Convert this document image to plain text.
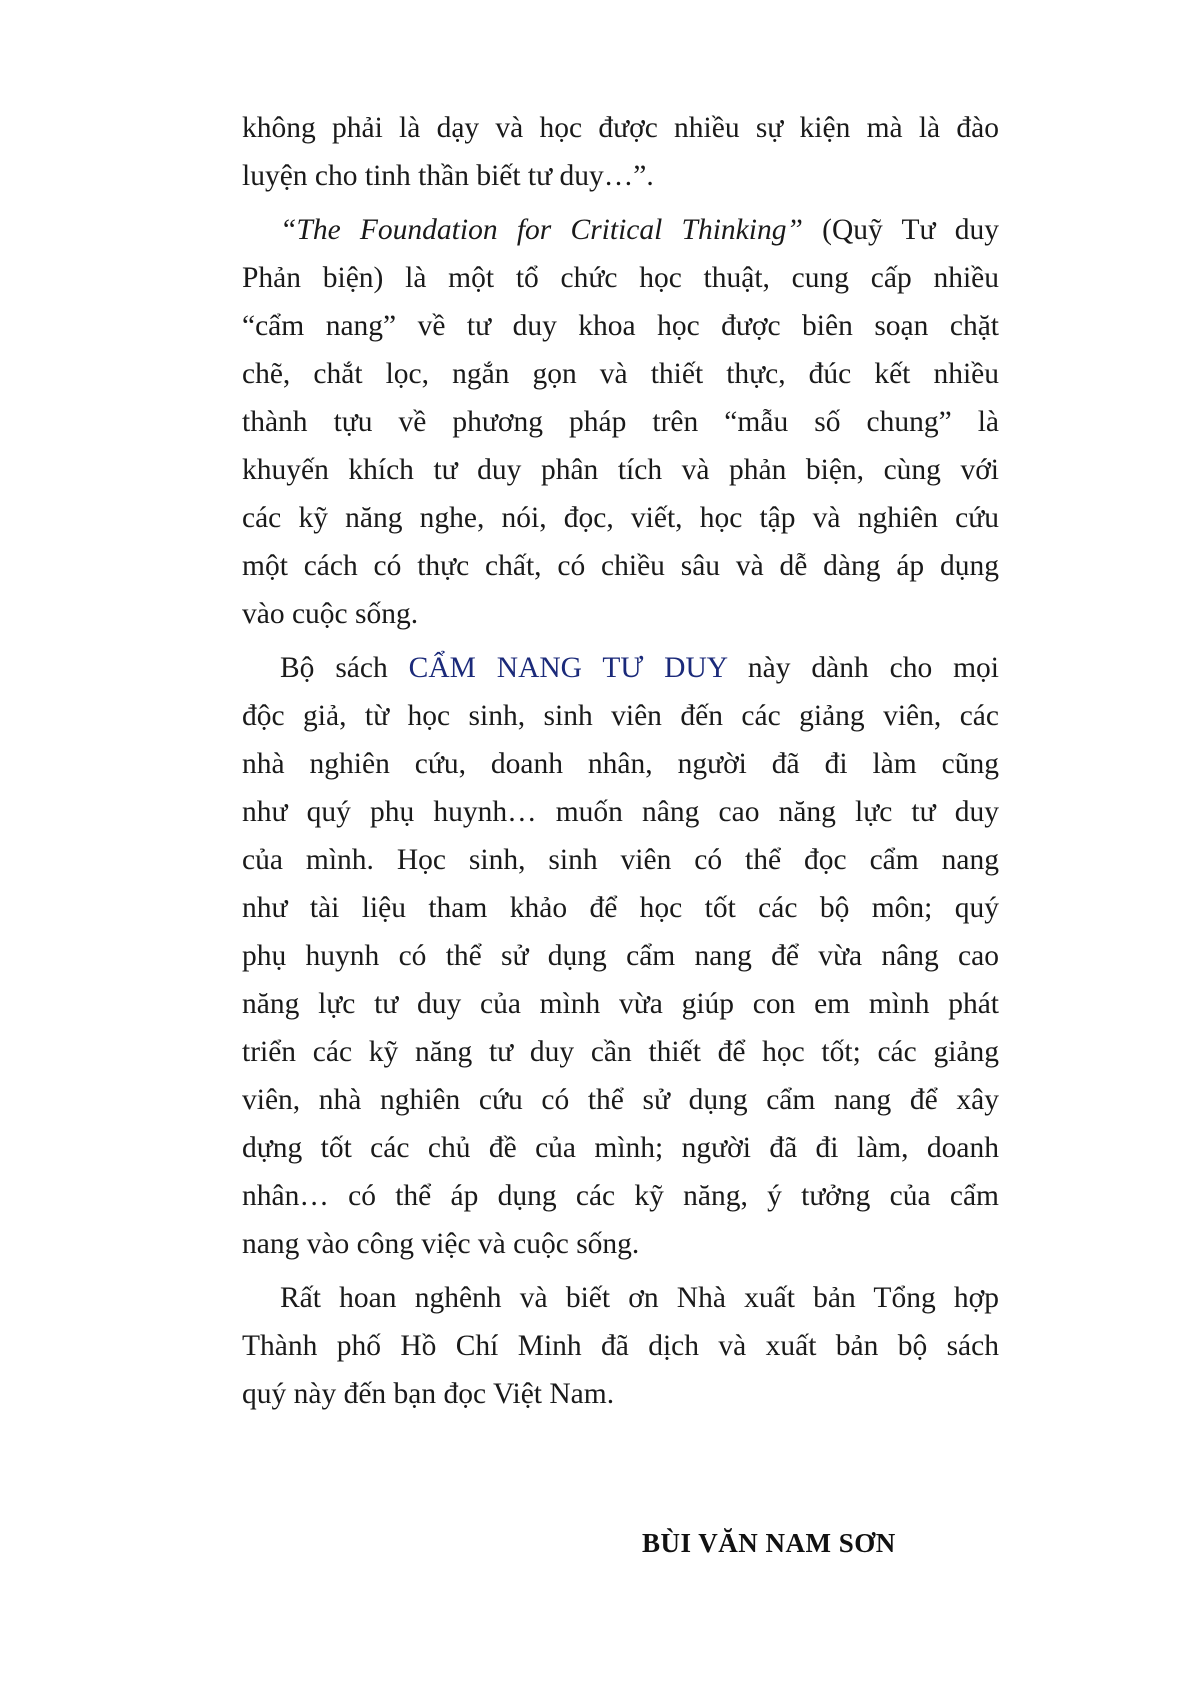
không phải là dạy và học được nhiều sự kiện mà là đào
luyện cho tinh thần biết tư duy…”.
“The Foundation for Critical Thinking” (Quỹ Tư duy
Phản biện) là một tổ chức học thuật, cung cấp nhiều
“cẩm nang” về tư duy khoa học được biên soạn chặt
chẽ, chắt lọc, ngắn gọn và thiết thực, đúc kết nhiều
thành tựu về phương pháp trên “mẫu số chung” là
khuyến khích tư duy phân tích và phản biện, cùng với
các kỹ năng nghe, nói, đọc, viết, học tập và nghiên cứu
một cách có thực chất, có chiều sâu và dễ dàng áp dụng
vào cuộc sống.
Bộ sách CẨM NANG TƯ DUY này dành cho mọi
độc giả, từ học sinh, sinh viên đến các giảng viên, các
nhà nghiên cứu, doanh nhân, người đã đi làm cũng
như quý phụ huynh… muốn nâng cao năng lực tư duy
của mình. Học sinh, sinh viên có thể đọc cẩm nang
như tài liệu tham khảo để học tốt các bộ môn; quý
phụ huynh có thể sử dụng cẩm nang để vừa nâng cao
năng lực tư duy của mình vừa giúp con em mình phát
triển các kỹ năng tư duy cần thiết để học tốt; các giảng
viên, nhà nghiên cứu có thể sử dụng cẩm nang để xây
dựng tốt các chủ đề của mình; người đã đi làm, doanh
nhân… có thể áp dụng các kỹ năng, ý tưởng của cẩm
nang vào công việc và cuộc sống.
Rất hoan nghênh và biết ơn Nhà xuất bản Tổng hợp
Thành phố Hồ Chí Minh đã dịch và xuất bản bộ sách
quý này đến bạn đọc Việt Nam.
BÙI VĂN NAM SƠN
